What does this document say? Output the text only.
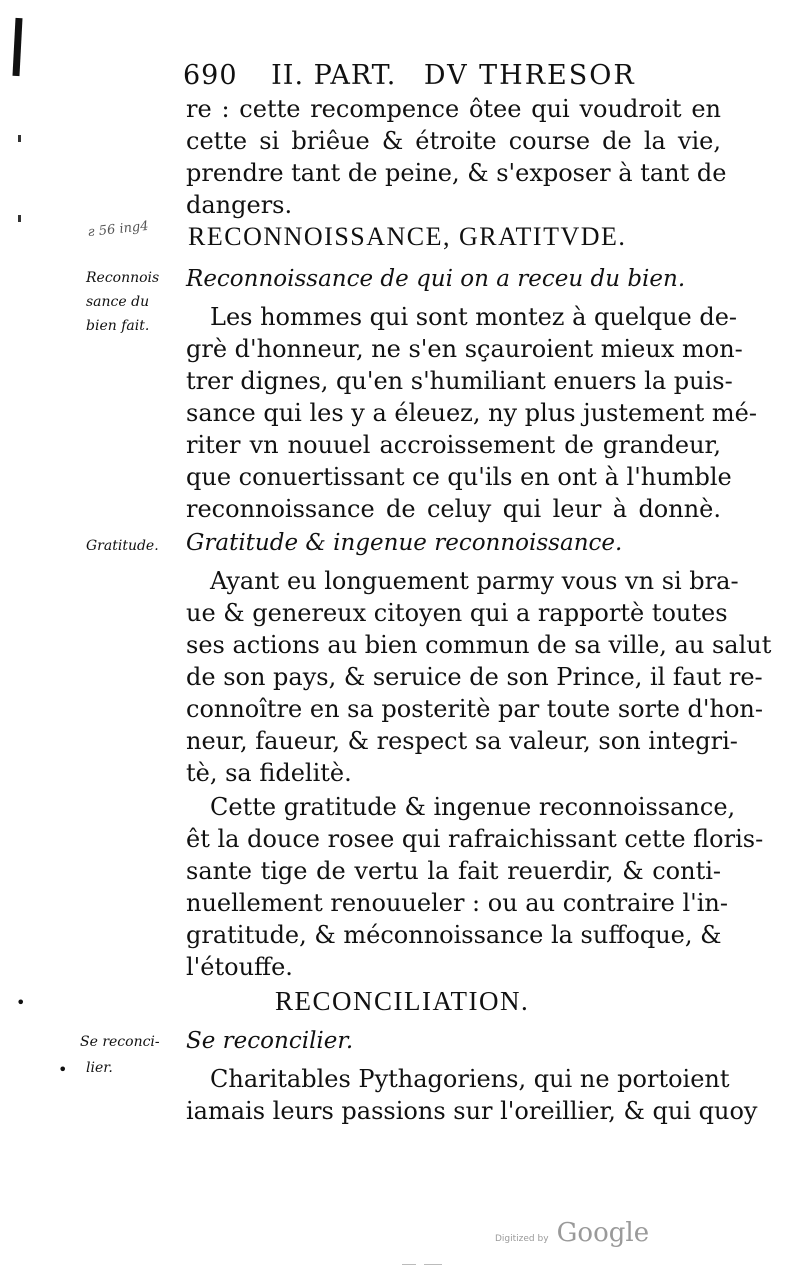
690 II. PART. DV THRESOR
re : cette recompence ôtee qui voudroit en
cette si briêue & étroite course de la vie,
prendre tant de peine, & s'exposer à tant de
dangers.
ƨ 56 ing4 RECONNOISSANCE, GRATITVDE.
Reconnois
sance du
bien fait.
Reconnoissance de qui on a receu du bien.
Les hommes qui sont montez à quelque de-
grè d'honneur, ne s'en sçauroient mieux mon-
trer dignes, qu'en s'humiliant enuers la puis-
sance qui les y a éleuez, ny plus justement mé-
riter vn nouuel accroissement de grandeur,
que conuertissant ce qu'ils en ont à l'humble
reconnoissance de celuy qui leur à donnè.
Gratitude. Gratitude & ingenue reconnoissance.
Ayant eu longuement parmy vous vn si bra-
ue & genereux citoyen qui a rapportè toutes
ses actions au bien commun de sa ville, au salut
de son pays, & seruice de son Prince, il faut re-
connoître en sa posteritè par toute sorte d'hon-
neur, faueur, & respect sa valeur, son integri-
tè, sa fidelitè.
Cette gratitude & ingenue reconnoissance,
êt la douce rosee qui rafraichissant cette floris-
sante tige de vertu la fait reuerdir, & conti-
nuellement renouueler : ou au contraire l'in-
gratitude, & méconnoissance la suffoque, &
l'étouffe.
•	RECONCILIATION.
Se reconci-
lier.
•
Se reconcilier.
Charitables Pythagoriens, qui ne portoient
iamais leurs passions sur l'oreillier, & qui quoy
Digitized by Google
